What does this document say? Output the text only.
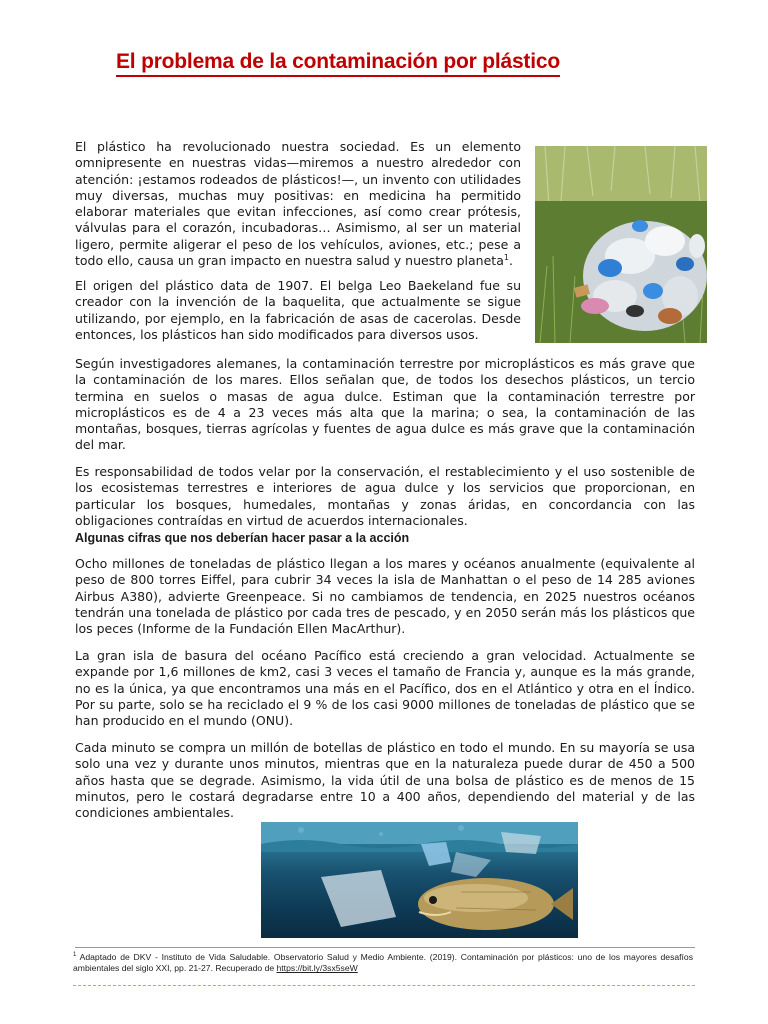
El problema de la contaminación por plástico

El plástico ha revolucionado nuestra sociedad. Es un elemento omnipresente en nuestras vidas—miremos a nuestro alrededor con atención: ¡estamos rodeados de plásticos!—, un invento con utilidades muy diversas, muchas muy positivas: en medicina ha permitido elaborar materiales que evitan infecciones, así como crear prótesis, válvulas para el corazón, incubadoras… Asimismo, al ser un material ligero, permite aligerar el peso de los vehículos, aviones, etc.; pese a todo ello, causa un gran impacto en nuestra salud y nuestro planeta$^1$.

El origen del plástico data de 1907. El belga Leo Baekeland fue su creador con la invención de la baquelita, que actualmente se sigue utilizando, por ejemplo, en la fabricación de asas de cacerolas. Desde entonces, los plásticos han sido modificados para diversos usos.

Según investigadores alemanes, la contaminación terrestre por microplásticos es más grave que la contaminación de los mares. Ellos señalan que, de todos los desechos plásticos, un tercio termina en suelos o masas de agua dulce. Estiman que la contaminación terrestre por microplásticos es de 4 a 23 veces más alta que la marina; o sea, la contaminación de las montañas, bosques, tierras agrícolas y fuentes de agua dulce es más grave que la contaminación del mar.

Es responsabilidad de todos velar por la conservación, el restablecimiento y el uso sostenible de los ecosistemas terrestres e interiores de agua dulce y los servicios que proporcionan, en particular los bosques, humedales, montañas y zonas áridas, en concordancia con las obligaciones contraídas en virtud de acuerdos internacionales.

Algunas cifras que nos deberían hacer pasar a la acción

Ocho millones de toneladas de plástico llegan a los mares y océanos anualmente (equivalente al peso de 800 torres Eiffel, para cubrir 34 veces la isla de Manhattan o el peso de 14 285 aviones Airbus A380), advierte Greenpeace. Si no cambiamos de tendencia, en 2025 nuestros océanos tendrán una tonelada de plástico por cada tres de pescado, y en 2050 serán más los plásticos que los peces (Informe de la Fundación Ellen MacArthur).

La gran isla de basura del océano Pacífico está creciendo a gran velocidad. Actualmente se expande por 1,6 millones de km2, casi 3 veces el tamaño de Francia y, aunque es la más grande, no es la única, ya que encontramos una más en el Pacífico, dos en el Atlántico y otra en el Índico. Por su parte, solo se ha reciclado el 9 % de los casi 9000 millones de toneladas de plástico que se han producido en el mundo (ONU).

Cada minuto se compra un millón de botellas de plástico en todo el mundo. En su mayoría se usa solo una vez y durante unos minutos, mientras que en la naturaleza puede durar de 450 a 500 años hasta que se degrade. Asimismo, la vida útil de una bolsa de plástico es de menos de 15 minutos, pero le costará degradarse entre 10 a 400 años, dependiendo del material y de las condiciones ambientales.

$^1$ Adaptado de DKV - Instituto de Vida Saludable. Observatorio Salud y Medio Ambiente. (2019). Contaminación por plásticos: uno de los mayores desafíos ambientales del siglo XXI, pp. 21-27. Recuperado de https://bit.ly/3sx5seW
